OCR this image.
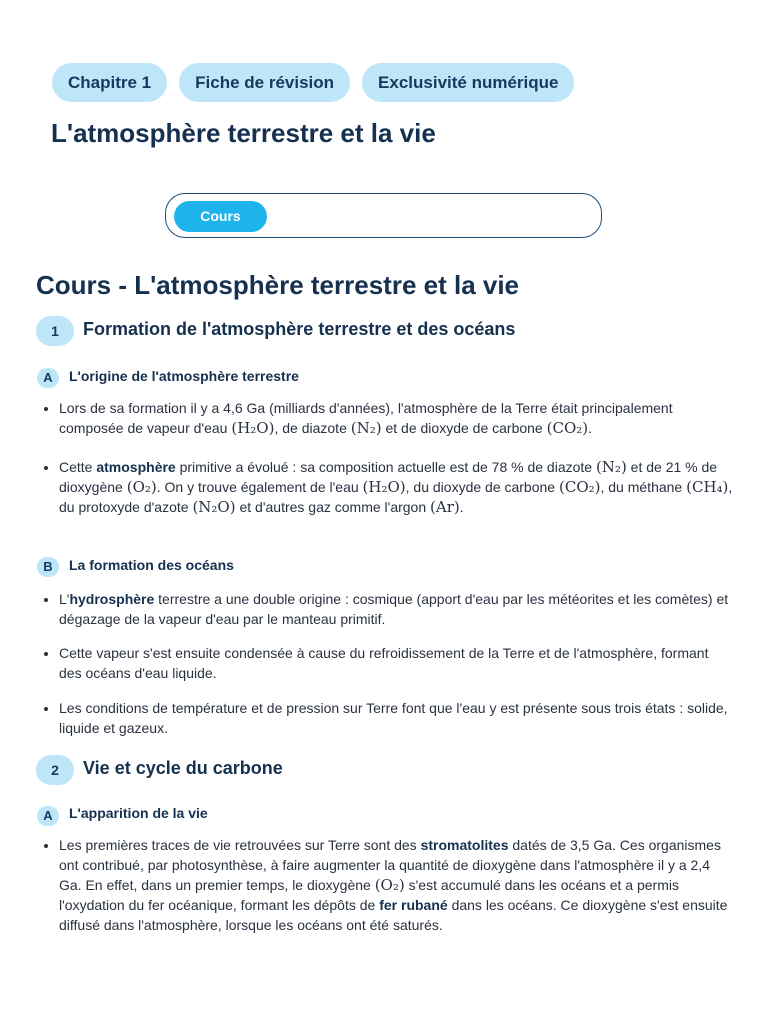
Chapitre 1	Fiche de révision	Exclusivité numérique
L'atmosphère terrestre et la vie
Cours
Cours - L'atmosphère terrestre et la vie
1	Formation de l'atmosphère terrestre et des océans
A	L'origine de l'atmosphère terrestre

Lors de sa formation il y a 4,6 Ga (milliards d'années), l'atmosphère de la Terre était principalement composée de vapeur d'eau (H₂O), de diazote (N₂) et de dioxyde de carbone (CO₂).

Cette atmosphère primitive a évolué : sa composition actuelle est de 78 % de diazote (N₂) et de 21 % de dioxygène (O₂). On y trouve également de l'eau (H₂O), du dioxyde de carbone (CO₂), du méthane (CH₄), du protoxyde d'azote (N₂O) et d'autres gaz comme l'argon (Ar).

B	La formation des océans

L'hydrosphère terrestre a une double origine : cosmique (apport d'eau par les météorites et les comètes) et dégazage de la vapeur d'eau par le manteau primitif.

Cette vapeur s'est ensuite condensée à cause du refroidissement de la Terre et de l'atmosphère, formant des océans d'eau liquide.

Les conditions de température et de pression sur Terre font que l'eau y est présente sous trois états : solide, liquide et gazeux.

2	Vie et cycle du carbone
A	L'apparition de la vie

Les premières traces de vie retrouvées sur Terre sont des stromatolites datés de 3,5 Ga. Ces organismes ont contribué, par photosynthèse, à faire augmenter la quantité de dioxygène dans l'atmosphère il y a 2,4 Ga. En effet, dans un premier temps, le dioxygène (O₂) s'est accumulé dans les océans et a permis l'oxydation du fer océanique, formant les dépôts de fer rubané dans les océans. Ce dioxygène s'est ensuite diffusé dans l'atmosphère, lorsque les océans ont été saturés.
